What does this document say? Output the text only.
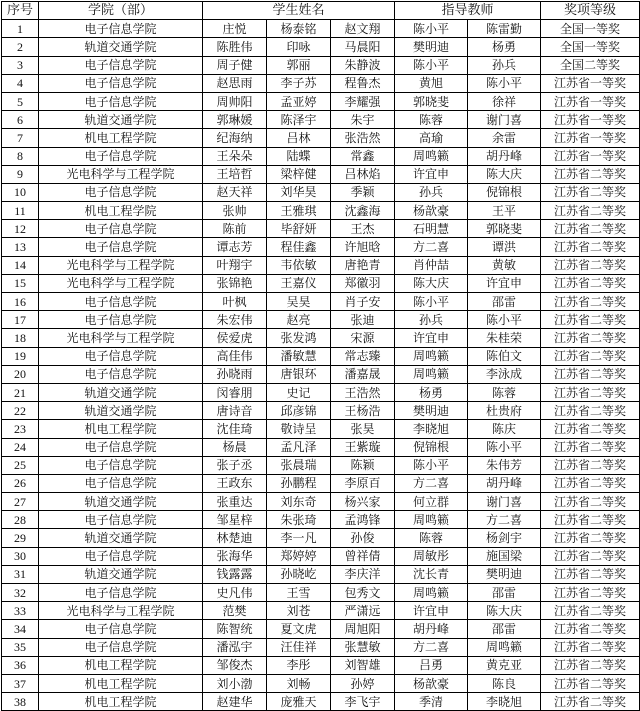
序号	学院（部）	学生姓名			指导教师		奖项等级
1	电子信息学院	庄悦	杨泰铭	赵文翔	陈小平	陈雷勤	全国一等奖
2	轨道交通学院	陈胜伟	印咏	马晨阳	樊明迪	杨勇	全国一等奖
3	电子信息学院	周子健	郭丽	朱静波	陈小平	孙兵	全国二等奖
4	电子信息学院	赵思雨	李子苏	程鲁杰	黄旭	陈小平	江苏省一等奖
5	电子信息学院	周帅阳	孟亚婷	李耀强	郭晓斐	徐祥	江苏省一等奖
6	轨道交通学院	郭琳媛	陈泽宇	朱宇	陈蓉	谢门喜	江苏省一等奖
7	机电工程学院	纪海纳	吕林	张浩然	高瑜	余雷	江苏省一等奖
8	电子信息学院	王朵朵	陆蝶	常鑫	周鸣籁	胡丹峰	江苏省一等奖
9	光电科学与工程学院	王培哲	梁梓健	吕林焰	许宜申	陈大庆	江苏省二等奖
10	电子信息学院	赵天祥	刘华昊	季颖	孙兵	倪锦根	江苏省二等奖
11	机电工程学院	张帅	王雅琪	沈鑫海	杨歆豪	王平	江苏省二等奖
12	电子信息学院	陈前	毕舒妍	王杰	石明慧	郭晓斐	江苏省二等奖
13	电子信息学院	谭志芳	程佳鑫	许旭晗	方二喜	谭洪	江苏省二等奖
14	光电科学与工程学院	叶翔宇	韦依敏	唐艳青	肖仲喆	黄敏	江苏省二等奖
15	光电科学与工程学院	张锦艳	王嘉仪	郑徽羽	陈大庆	许宜申	江苏省二等奖
16	电子信息学院	叶枫	吴昊	肖子安	陈小平	邵雷	江苏省二等奖
17	电子信息学院	朱宏伟	赵亮	张迪	孙兵	陈小平	江苏省二等奖
18	光电科学与工程学院	侯爱虎	张发鸿	宋源	许宜申	朱桂荣	江苏省二等奖
19	电子信息学院	高佳伟	潘敏慧	常志臻	周鸣籁	陈伯文	江苏省二等奖
20	电子信息学院	孙晓雨	唐银环	潘嘉晟	周鸣籁	李泳成	江苏省二等奖
21	轨道交通学院	闵睿朋	史记	王浩然	杨勇	陈蓉	江苏省二等奖
22	轨道交通学院	唐诗音	邱彦锦	王杨浩	樊明迪	杜贵府	江苏省二等奖
23	机电工程学院	沈佳琦	敬诗呈	张昊	李晓旭	陈庆	江苏省二等奖
24	电子信息学院	杨晨	孟凡泽	王紫璇	倪锦根	陈小平	江苏省二等奖
25	电子信息学院	张子丞	张晨瑞	陈颖	陈小平	朱伟芳	江苏省二等奖
26	电子信息学院	王政东	孙鹏程	李原百	方二喜	胡丹峰	江苏省二等奖
27	轨道交通学院	张重达	刘东奇	杨兴家	何立群	谢门喜	江苏省二等奖
28	电子信息学院	邹星梓	朱张琦	孟鸿锋	周鸣籁	方二喜	江苏省二等奖
29	轨道交通学院	林楚迪	李一凡	孙俊	陈蓉	杨剑宇	江苏省二等奖
30	电子信息学院	张海华	郑婷婷	曾祥倩	周敏彤	施国梁	江苏省二等奖
31	轨道交通学院	钱露露	孙晓屹	李庆洋	沈长青	樊明迪	江苏省二等奖
32	电子信息学院	史凡伟	王雪	包秀文	周鸣籁	邵雷	江苏省二等奖
33	光电科学与工程学院	范樊	刘苍	严潇远	许宜申	陈大庆	江苏省二等奖
34	电子信息学院	陈智统	夏文虎	周旭阳	胡丹峰	邵雷	江苏省二等奖
35	电子信息学院	潘泓宇	汪佳祥	张慧敏	方二喜	周鸣籁	江苏省二等奖
36	机电工程学院	邹俊杰	李彤	刘智雄	吕勇	黄克亚	江苏省二等奖
37	机电工程学院	刘小渤	刘畅	孙婷	杨歆豪	陈良	江苏省二等奖
38	机电工程学院	赵建华	庞雅天	李飞宇	季清	李晓旭	江苏省二等奖
